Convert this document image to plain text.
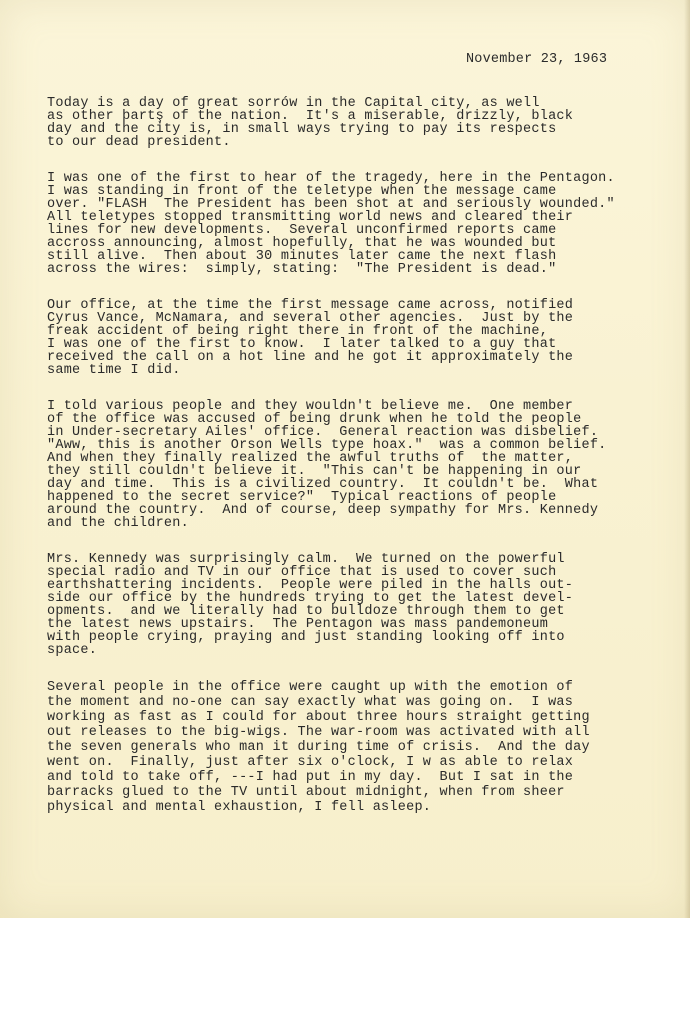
November 23, 1963

Today is a day of great sorrów in the Capital city, as well
as other þartş of the nation.  It's a miserable, drizzly, black
day and the city is, in small ways trying to pay its respects
to our dead president.

I was one of the first to hear of the tragedy, here in the Pentagon.
I was standing in front of the teletype when the message came
over. "FLASH  The President has been shot at and seriously wounded."
All teletypes stopped transmitting world news and cleared their
lines for new developments.  Several unconfirmed reports came
accross announcing, almost hopefully, that he was wounded but
still alive.  Then about 30 minutes later came the next flash
across the wires:  simply, stating:  "The President is dead."

Our office, at the time the first message came across, notified
Cyrus Vance, McNamara, and several other agencies.  Just by the
freak accident of being right there in front of the machine,
I was one of the first to know.  I later talked to a guy that
received the call on a hot line and he got it approximately the
same time I did.

I told various people and they wouldn't believe me.  One member
of the office was accused of being drunk when he told the people
in Under-secretary Ailes' office.  General reaction was disbelief.
"Aww, this is another Orson Wells type hoax."  was a common belief.
And when they finally realized the awful truths of  the matter,
they still couldn't believe it.  "This can't be happening in our
day and time.  This is a civilized country.  It couldn't be.  What
happened to the secret service?"  Typical reactions of people
around the country.  And of course, deep sympathy for Mrs. Kennedy
and the children.

Mrs. Kennedy was surprisingly calm.  We turned on the powerful
special radio and TV in our office that is used to cover such
earthshattering incidents.  People were piled in the halls out-
side our office by the hundreds trying to get the latest devel-
opments.  and we literally had to bulldoze through them to get
the latest news upstairs.  The Pentagon was mass pandemoneum
with people crying, praying and just standing looking off into
space.

Several people in the office were caught up with the emotion of
the moment and no-one can say exactly what was going on.  I was
working as fast as I could for about three hours straight getting
out releases to the big-wigs. The war-room was activated with all
the seven generals who man it during time of crisis.  And the day
went on.  Finally, just after six o'clock, I w as able to relax
and told to take off, ---I had put in my day.  But I sat in the
barracks glued to the TV until about midnight, when from sheer
physical and mental exhaustion, I fell asleep.
